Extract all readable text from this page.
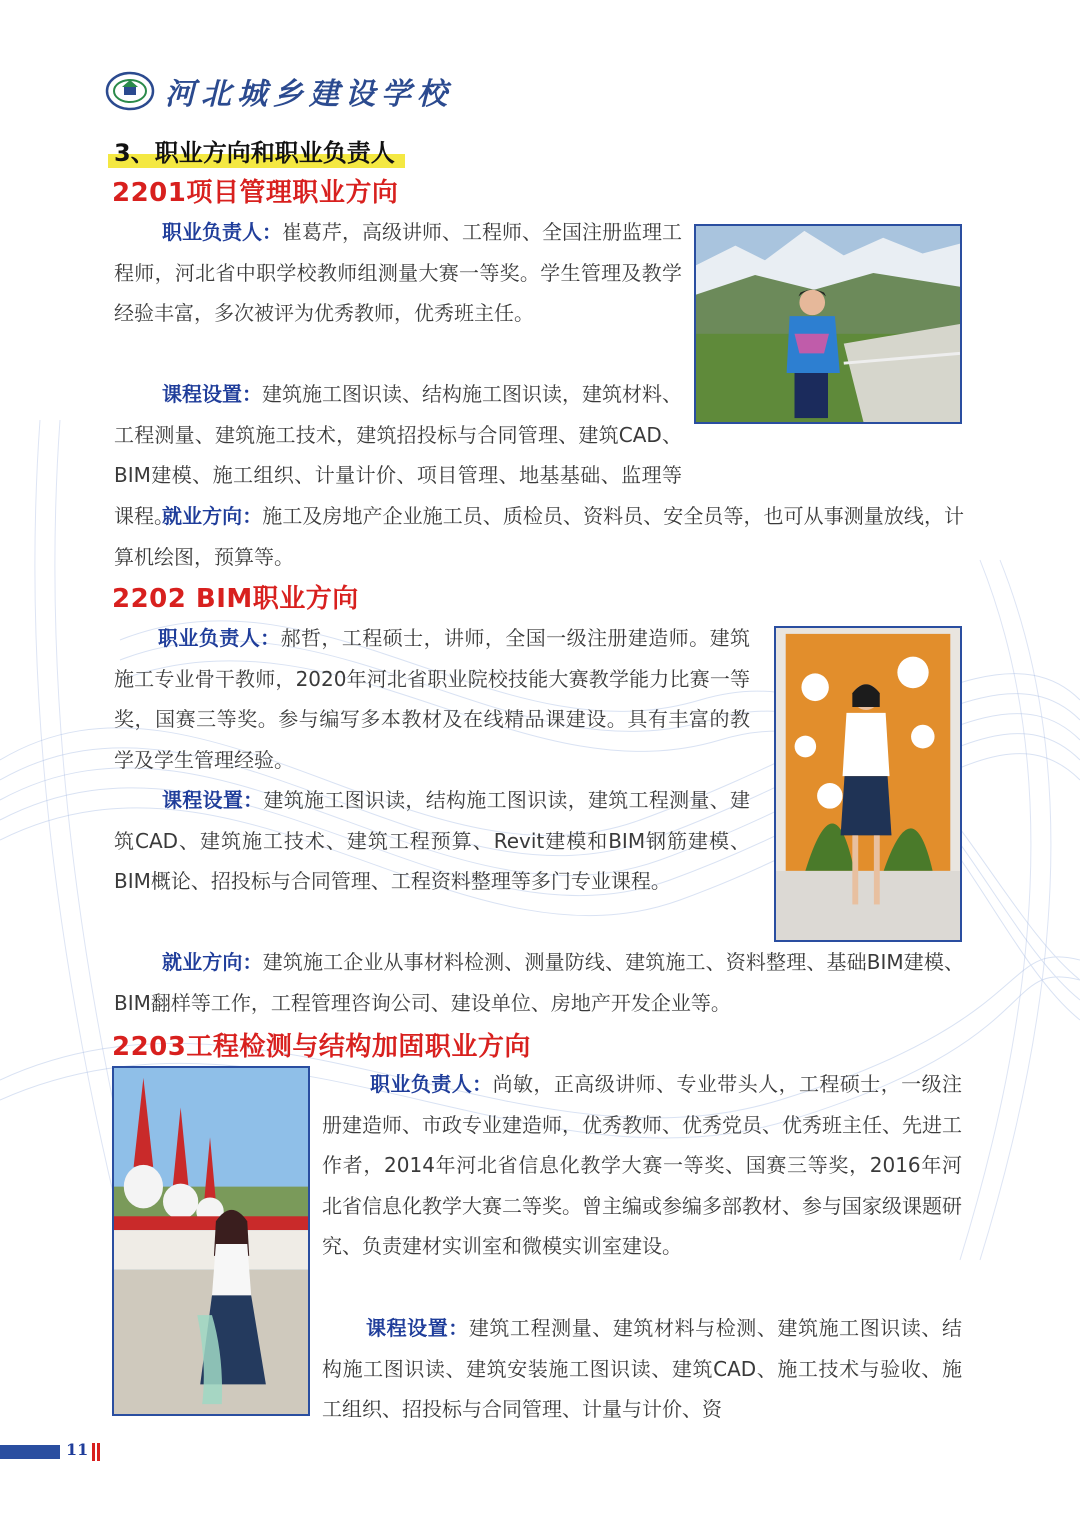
河北城乡建设学校
3、职业方向和职业负责人
2201项目管理职业方向

职业负责人：崔葛芹，高级讲师、工程师、全国注册监理工程师，河北省中职学校教师组测量大赛一等奖。学生管理及教学经验丰富，多次被评为优秀教师，优秀班主任。

课程设置：建筑施工图识读、结构施工图识读，建筑材料、工程测量、建筑施工技术，建筑招投标与合同管理、建筑CAD、BIM建模、施工组织、计量计价、项目管理、地基基础、监理等课程。

就业方向：施工及房地产企业施工员、质检员、资料员、安全员等，也可从事测量放线，计算机绘图，预算等。

2202 BIM职业方向

职业负责人：郝哲，工程硕士，讲师，全国一级注册建造师。建筑施工专业骨干教师，2020年河北省职业院校技能大赛教学能力比赛一等奖，国赛三等奖。参与编写多本教材及在线精品课建设。具有丰富的教学及学生管理经验。

课程设置：建筑施工图识读，结构施工图识读，建筑工程测量、建筑CAD、建筑施工技术、建筑工程预算、Revit建模和BIM钢筋建模、BIM概论、招投标与合同管理、工程资料整理等多门专业课程。

就业方向：建筑施工企业从事材料检测、测量防线、建筑施工、资料整理、基础BIM建模、BIM翻样等工作，工程管理咨询公司、建设单位、房地产开发企业等。

2203工程检测与结构加固职业方向

职业负责人：尚敏，正高级讲师、专业带头人，工程硕士，一级注册建造师、市政专业建造师，优秀教师、优秀党员、优秀班主任、先进工作者，2014年河北省信息化教学大赛一等奖、国赛三等奖，2016年河北省信息化教学大赛二等奖。曾主编或参编多部教材、参与国家级课题研究、负责建材实训室和微模实训室建设。

课程设置：建筑工程测量、建筑材料与检测、建筑施工图识读、结构施工图识读、建筑安装施工图识读、建筑CAD、施工技术与验收、施工组织、招投标与合同管理、计量与计价、资

11
